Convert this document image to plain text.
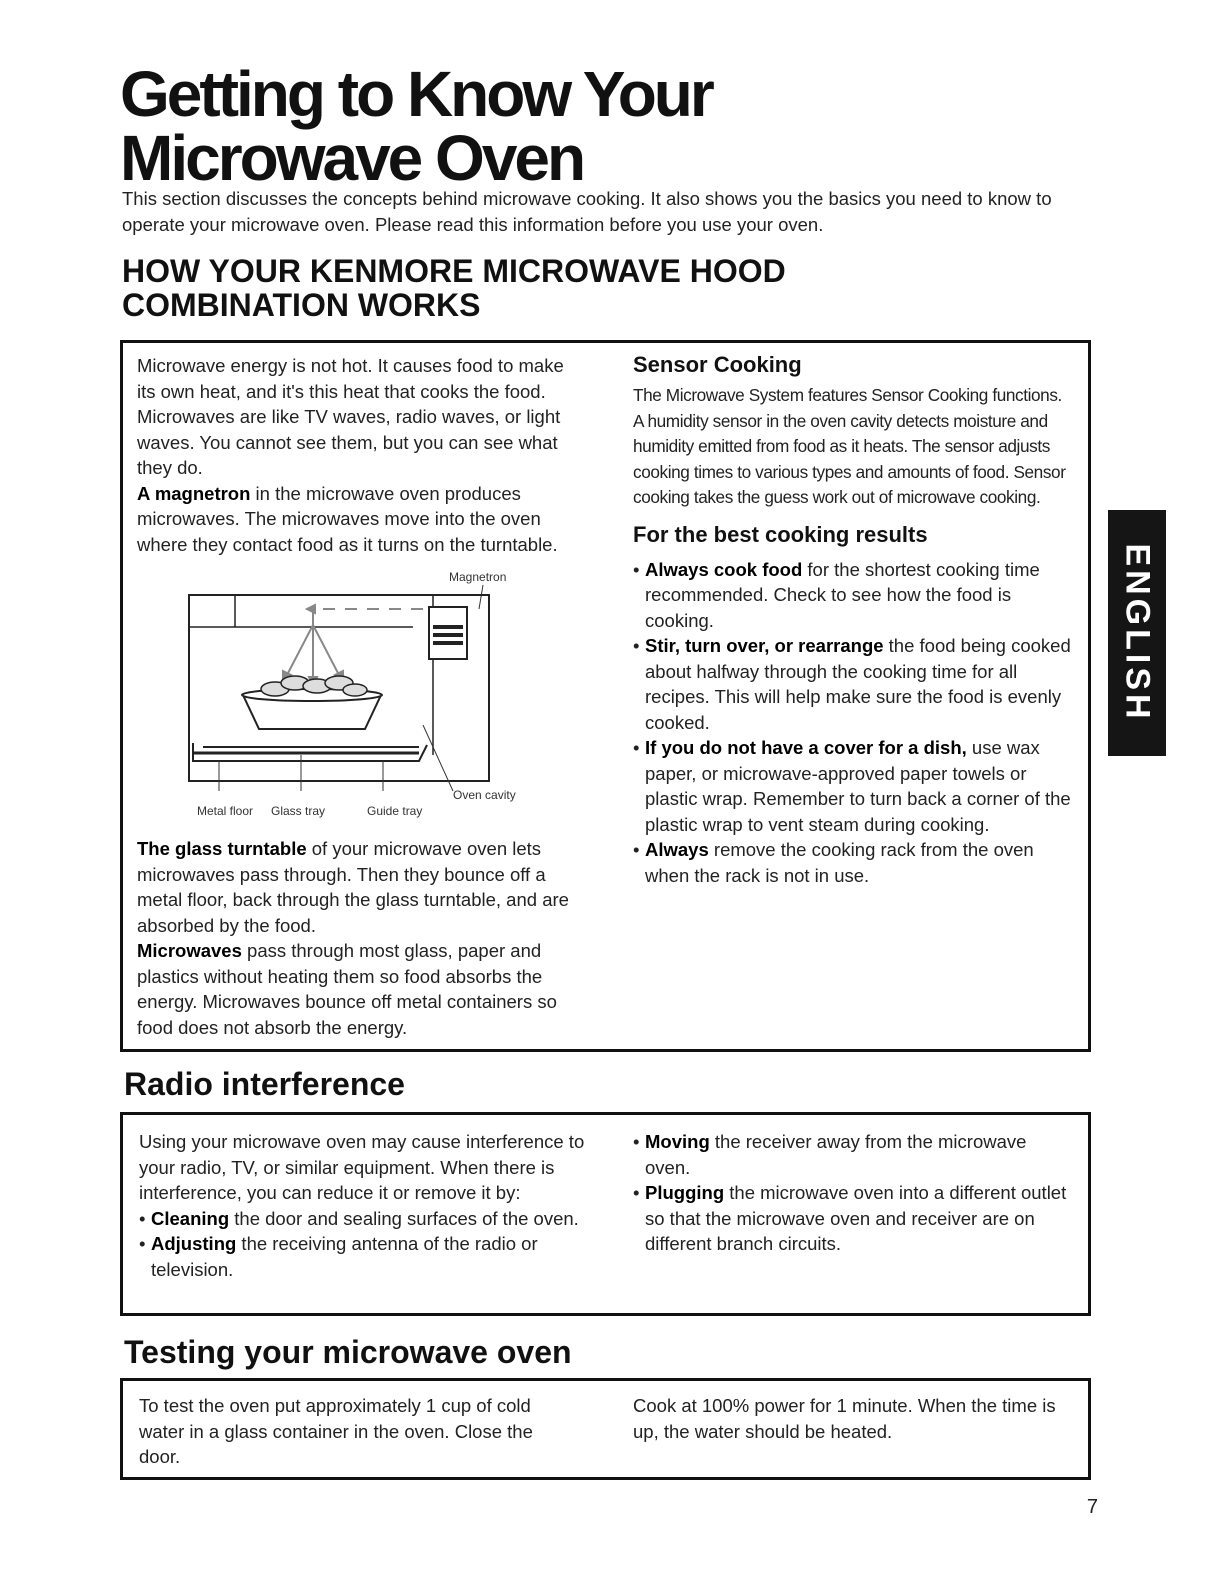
Getting to Know Your
Microwave Oven

This section discusses the concepts behind microwave cooking. It also shows you the basics you need to know to operate your microwave oven. Please read this information before you use your oven.

HOW YOUR KENMORE MICROWAVE HOOD
COMBINATION WORKS

Microwave energy is not hot. It causes food to make its own heat, and it's this heat that cooks the food. Microwaves are like TV waves, radio waves, or light waves. You cannot see them, but you can see what they do.

A magnetron in the microwave oven produces microwaves. The microwaves move into the oven where they contact food as it turns on the turntable.

Magnetron
Oven cavity
Metal floor Glass tray	Guide tray

The glass turntable of your microwave oven lets microwaves pass through. Then they bounce off a metal floor, back through the glass turntable, and are absorbed by the food.

Microwaves pass through most glass, paper and plastics without heating them so food absorbs the energy. Microwaves bounce off metal containers so food does not absorb the energy.

Sensor Cooking

The Microwave System features Sensor Cooking functions. A humidity sensor in the oven cavity detects moisture and humidity emitted from food as it heats. The sensor adjusts cooking times to various types and amounts of food. Sensor cooking takes the guess work out of microwave cooking.

For the best cooking results

• Always cook food for the shortest cooking time recommended. Check to see how the food is cooking.

• Stir, turn over, or rearrange the food being cooked about halfway through the cooking time for all recipes. This will help make sure the food is evenly cooked.

• If you do not have a cover for a dish, use wax paper, or microwave-approved paper towels or plastic wrap. Remember to turn back a corner of the plastic wrap to vent steam during cooking.

• Always remove the cooking rack from the oven when the rack is not in use.

Radio interference

Using your microwave oven may cause interference to your radio, TV, or similar equipment. When there is interference, you can reduce it or remove it by:

• Cleaning the door and sealing surfaces of the oven.

• Adjusting the receiving antenna of the radio or television.

• Moving the receiver away from the microwave oven.

• Plugging the microwave oven into a different outlet so that the microwave oven and receiver are on different branch circuits.

Testing your microwave oven

To test the oven put approximately 1 cup of cold water in a glass container in the oven. Close the door.

Cook at 100% power for 1 minute. When the time is up, the water should be heated.

ENGLISH
7
